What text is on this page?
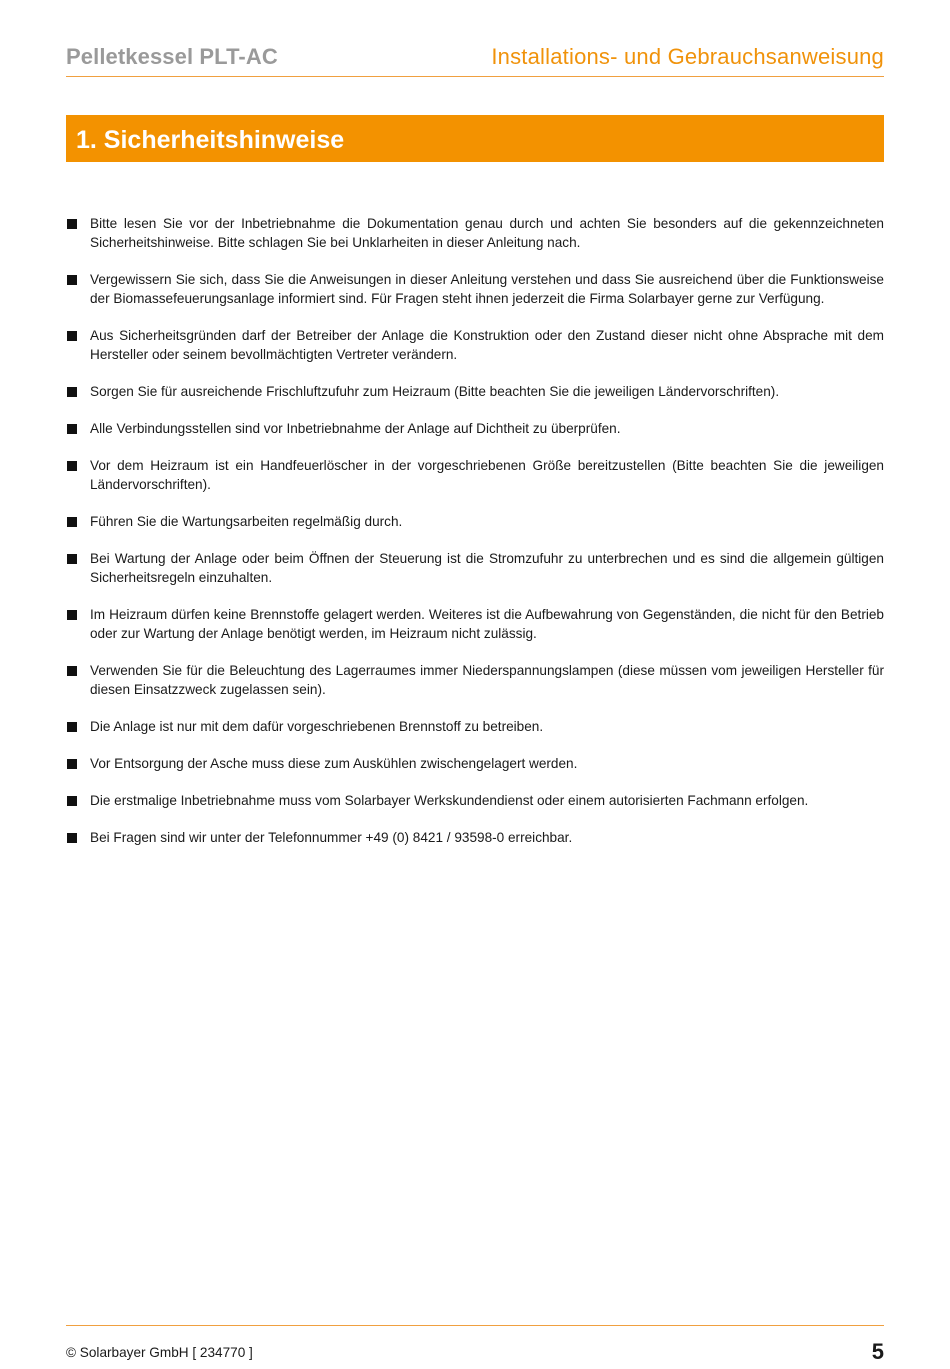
Pelletkessel PLT-AC	Installations- und Gebrauchsanweisung
1. Sicherheitshinweise
Bitte lesen Sie vor der Inbetriebnahme die Dokumentation genau durch und achten Sie besonders auf die gekennzeichneten Sicherheitshinweise. Bitte schlagen Sie bei Unklarheiten in dieser Anleitung nach.
Vergewissern Sie sich, dass Sie die Anweisungen in dieser Anleitung verstehen und dass Sie ausreichend über die Funktionsweise der Biomassefeuerungsanlage informiert sind. Für Fragen steht ihnen jederzeit die Firma Solarbayer gerne zur Verfügung.
Aus Sicherheitsgründen darf der Betreiber der Anlage die Konstruktion oder den Zustand dieser nicht ohne Absprache mit dem Hersteller oder seinem bevollmächtigten Vertreter verändern.
Sorgen Sie für ausreichende Frischluftzufuhr zum Heizraum (Bitte beachten Sie die jeweiligen Ländervorschriften).
Alle Verbindungsstellen sind vor Inbetriebnahme der Anlage auf Dichtheit zu überprüfen.
Vor dem Heizraum ist ein Handfeuerlöscher in der vorgeschriebenen Größe bereitzustellen (Bitte beachten Sie die jeweiligen Ländervorschriften).
Führen Sie die Wartungsarbeiten regelmäßig durch.
Bei Wartung der Anlage oder beim Öffnen der Steuerung ist die Stromzufuhr zu unterbrechen und es sind die allgemein gültigen Sicherheitsregeln einzuhalten.
Im Heizraum dürfen keine Brennstoffe gelagert werden. Weiteres ist die Aufbewahrung von Gegenständen, die nicht für den Betrieb oder zur Wartung der Anlage benötigt werden, im Heizraum nicht zulässig.
Verwenden Sie für die Beleuchtung des Lagerraumes immer Niederspannungslampen (diese müssen vom jeweiligen Hersteller für diesen Einsatzzweck zugelassen sein).
Die Anlage ist nur mit dem dafür vorgeschriebenen Brennstoff zu betreiben.
Vor Entsorgung der Asche muss diese zum Auskühlen zwischengelagert werden.
Die erstmalige Inbetriebnahme muss vom Solarbayer Werkskundendienst oder einem autorisierten Fachmann erfolgen.
Bei Fragen sind wir unter der Telefonnummer +49 (0) 8421 / 93598-0 erreichbar.
© Solarbayer GmbH [ 234770 ]	5
